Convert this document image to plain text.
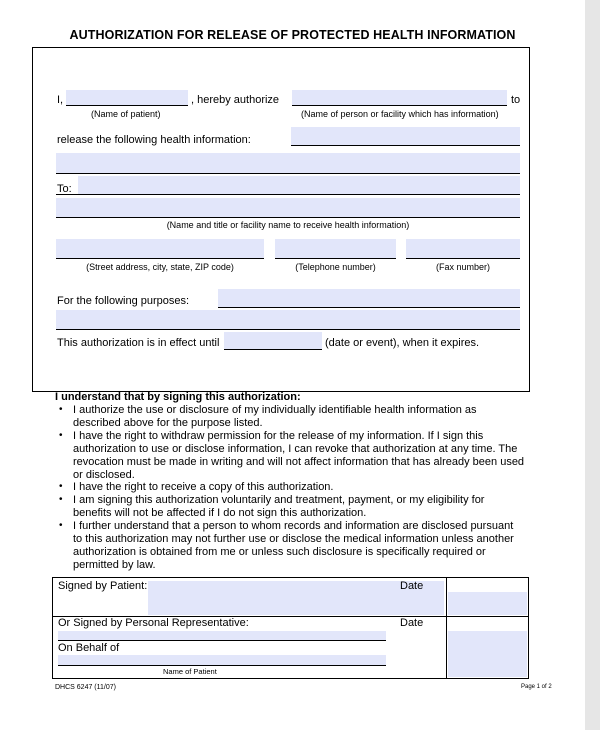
AUTHORIZATION FOR RELEASE OF PROTECTED HEALTH INFORMATION
I,	, hereby authorize	to
(Name of patient)	(Name of person or facility which has information)
release the following health information:
To:
(Name and title or facility name to receive health information)
(Street address, city, state, ZIP code)	(Telephone number)	(Fax number)
For the following purposes:
This authorization is in effect until	(date or event), when it expires.
I understand that by signing this authorization:
• I authorize the use or disclosure of my individually identifiable health information as described above for the purpose listed.
• I have the right to withdraw permission for the release of my information. If I sign this authorization to use or disclose information, I can revoke that authorization at any time. The revocation must be made in writing and will not affect information that has already been used or disclosed.
• I have the right to receive a copy of this authorization.
• I am signing this authorization voluntarily and treatment, payment, or my eligibility for benefits will not be affected if I do not sign this authorization.
• I further understand that a person to whom records and information are disclosed pursuant to this authorization may not further use or disclose the medical information unless another authorization is obtained from me or unless such disclosure is specifically required or permitted by law.
Signed by Patient:	Date
Or Signed by Personal Representative:	Date
On Behalf of
Name of Patient
DHCS 6247 (11/07)	Page 1 of 2
